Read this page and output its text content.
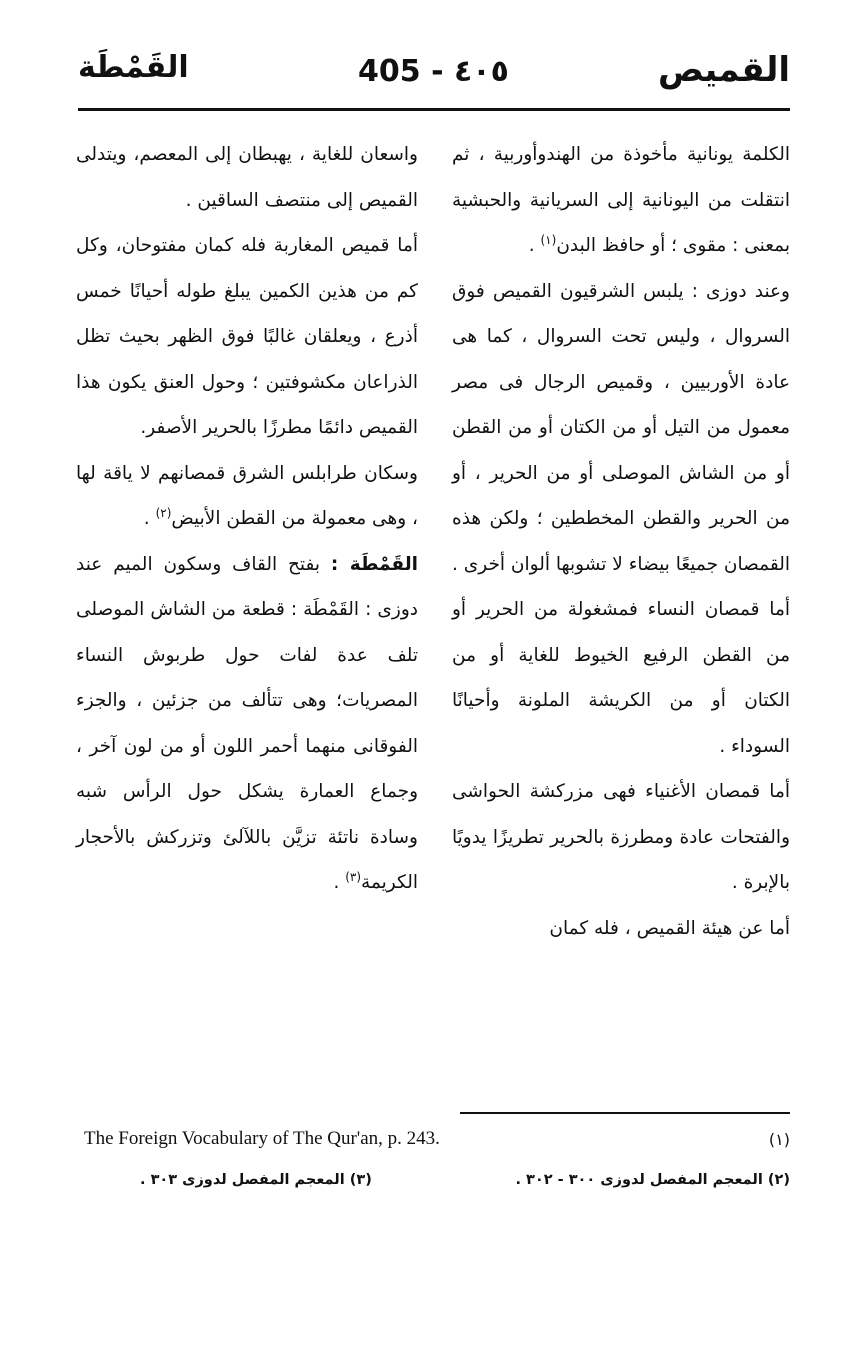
القميص
405 - ٤٠٥
القَمْطَة

الكلمة يونانية مأخوذة من الهندوأوربية ، ثم انتقلت من اليونانية إلى السريانية والحبشية بمعنى : مقوى ؛ أو حافظ البدن$^{(١)}$ .

وعند دوزى : يلبس الشرقيون القميص فوق السروال ، وليس تحت السروال ، كما هى عادة الأوربيين ، وقميص الرجال فى مصر معمول من التيل أو من الكتان أو من القطن أو من الشاش الموصلى أو من الحرير ، أو من الحرير والقطن المخططين ؛ ولكن هذه القمصان جميعًا بيضاء لا تشوبها ألوان أخرى . أما قمصان النساء فمشغولة من الحرير أو من القطن الرفيع الخيوط للغاية أو من الكتان أو من الكريشة الملونة وأحيانًا السوداء .

أما قمصان الأغنياء فهى مزركشة الحواشى والفتحات عادة ومطرزة بالحرير تطريزًا يدويًا بالإبرة .

أما عن هيئة القميص ، فله كمان

واسعان للغاية ، يهبطان إلى المعصم، ويتدلى القميص إلى منتصف الساقين .

أما قميص المغاربة فله كمان مفتوحان، وكل كم من هذين الكمين يبلغ طوله أحيانًا خمس أذرع ، ويعلقان غالبًا فوق الظهر بحيث تظل الذراعان مكشوفتين ؛ وحول العنق يكون هذا القميص دائمًا مطرزًا بالحرير الأصفر.

وسكان طرابلس الشرق قمصانهم لا ياقة لها ، وهى معمولة من القطن الأبيض$^{(٢)}$ .

القَمْطَة : بفتح القاف وسكون الميم عند دوزى : القَمْطَة : قطعة من الشاش الموصلى تلف عدة لفات حول طربوش النساء المصريات؛ وهى تتألف من جزئين ، والجزء الفوقانى منهما أحمر اللون أو من لون آخر ، وجماع العمارة يشكل حول الرأس شبه وسادة ناتئة تزيَّن باللآلئ وتزركش بالأحجار الكريمة$^{(٣)}$ .

The Foreign Vocabulary of The Qur'an, p. 243.	(١)
(٢) المعجم المفصل لدوزى ٣٠٠ - ٣٠٢ .
(٣) المعجم المفصل لدوزى ٣٠٣ .
